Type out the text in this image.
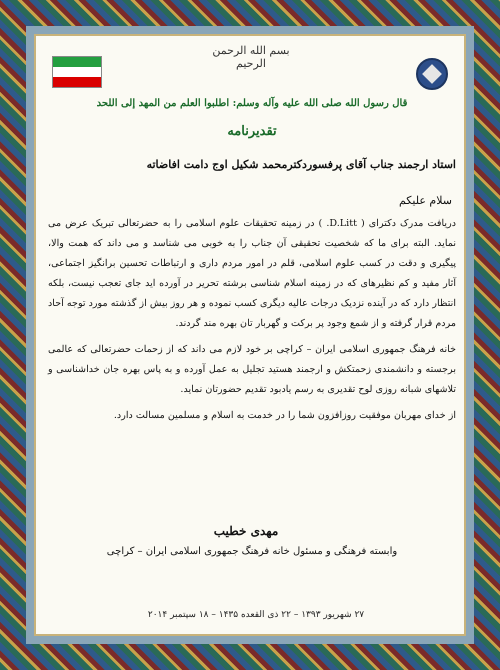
بسم الله الرحمن الرحیم
قال رسول الله صلی الله علیه وآله وسلم: اطلبوا العلم من المهد إلی اللحد
تقدیرنامه
استاد ارجمند جناب آقای پرفسوردکترمحمد شکیل اوج دامت افاضاته
سلام علیکم

دریافت مدرک دکترای ( D.Litt. ) در زمینه تحقیقات علوم اسلامی را به حضرتعالی تبریک عرض می نماید. البته برای ما که شخصیت تحقیقی آن جناب را به خوبی می شناسد و می داند که همت والا، پیگیری و دقت در کسب علوم اسلامی، قلم در امور مردم داری و ارتباطات تحسین برانگیز اجتماعی، آثار مفید و کم نظیرهای که در زمینه اسلام شناسی برشته تحریر در آورده اید جای تعجب نیست، بلکه انتظار دارد که در آینده نزدیک درجات عالیه دیگری کسب نموده و هر روز بیش از گذشته مورد توجه آحاد مردم قرار گرفته و از شمع وجود پر برکت و گهربار تان بهره مند گردند.

خانه فرهنگ جمهوری اسلامی ایران – کراچی بر خود لازم می داند که از زحمات حضرتعالی که عالمی برجسته و دانشمندی زحمتکش و ارجمند هستید تجلیل به عمل آورده و به پاس بهره جان خداشناسی و تلاشهای شبانه روزی لوح تقدیری به رسم یادبود تقدیم حضورتان نماید.

از خدای مهربان موفقیت روزافزون شما را در خدمت به اسلام و مسلمین مسالت دارد.

مهدی خطیب
وابسته فرهنگی و مسئول خانه فرهنگ جمهوری اسلامی ایران – کراچی
۲۷ شهریور ۱۳۹۳ – ۲۲ ذی القعده ۱۴۳۵ – ۱۸ سپتمبر ۲۰۱۴
